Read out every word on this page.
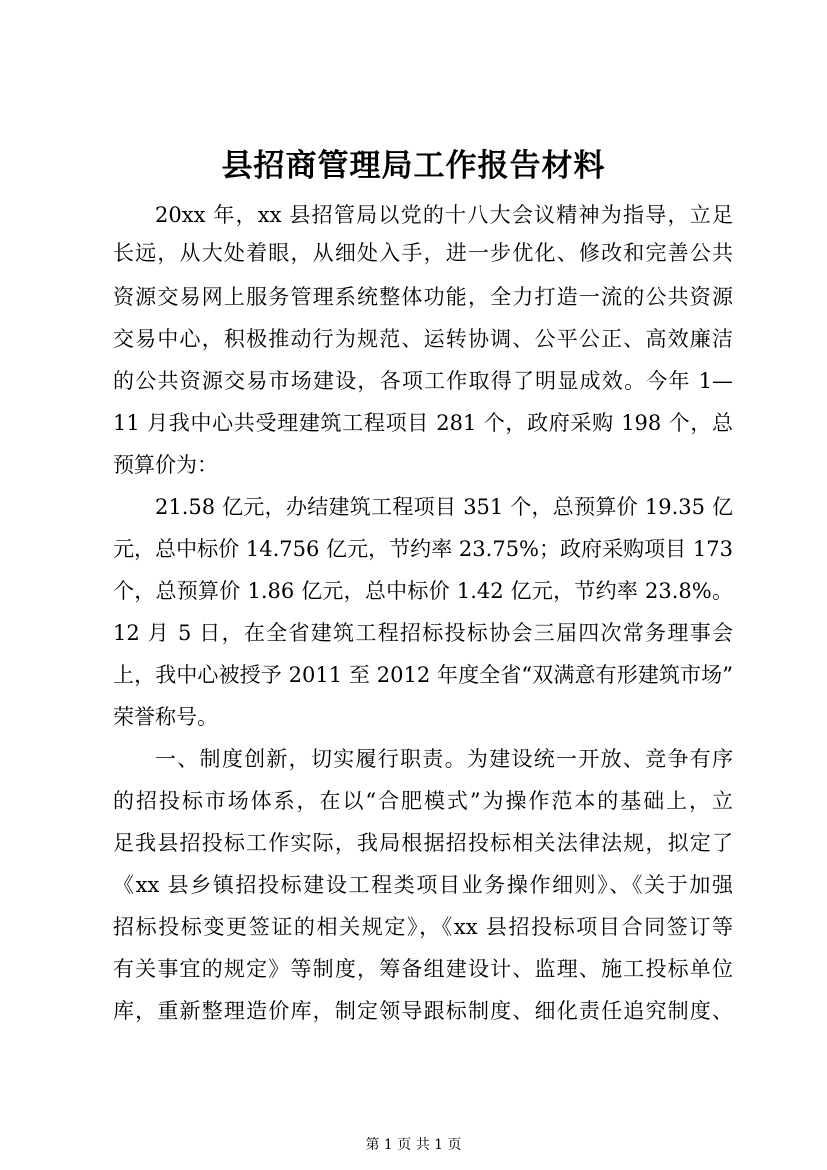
县招商管理局工作报告材料
20xx 年，xx 县招管局以党的十八大会议精神为指导，立足
长远，从大处着眼，从细处入手，进一步优化、修改和完善公共
资源交易网上服务管理系统整体功能，全力打造一流的公共资源
交易中心，积极推动行为规范、运转协调、公平公正、高效廉洁
的公共资源交易市场建设，各项工作取得了明显成效。今年 1—
11 月我中心共受理建筑工程项目 281 个，政府采购 198 个，总
预算价为：
21.58 亿元，办结建筑工程项目 351 个，总预算价 19.35 亿
元，总中标价 14.756 亿元，节约率 23.75%；政府采购项目 173
个，总预算价 1.86 亿元，总中标价 1.42 亿元，节约率 23.8%。
12 月 5 日，在全省建筑工程招标投标协会三届四次常务理事会
上，我中心被授予 2011 至 2012 年度全省“双满意有形建筑市场”
荣誉称号。
一、制度创新，切实履行职责。为建设统一开放、竞争有序
的招投标市场体系，在以“合肥模式”为操作范本的基础上，立
足我县招投标工作实际，我局根据招投标相关法律法规，拟定了
《xx 县乡镇招投标建设工程类项目业务操作细则》、《关于加强
招标投标变更签证的相关规定》，《xx 县招投标项目合同签订等
有关事宜的规定》等制度，筹备组建设计、监理、施工投标单位
库，重新整理造价库，制定领导跟标制度、细化责任追究制度、
第 1 页 共 1 页
